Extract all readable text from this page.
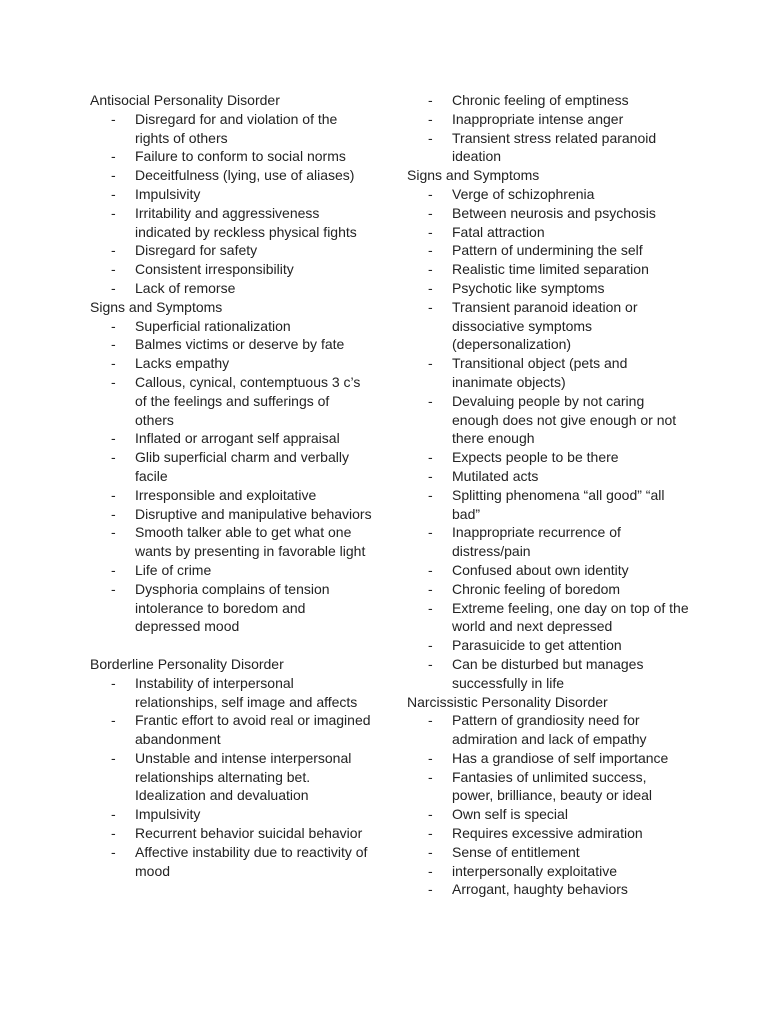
Antisocial Personality Disorder
- Disregard for and violation of the rights of others
- Failure to conform to social norms
- Deceitfulness (lying, use of aliases)
- Impulsivity
- Irritability and aggressiveness indicated by reckless physical fights
- Disregard for safety
- Consistent irresponsibility
- Lack of remorse
Signs and Symptoms
- Superficial rationalization
- Balmes victims or deserve by fate
- Lacks empathy
- Callous, cynical, contemptuous 3 c’s of the feelings and sufferings of others
- Inflated or arrogant self appraisal
- Glib superficial charm and verbally facile
- Irresponsible and exploitative
- Disruptive and manipulative behaviors
- Smooth talker able to get what one wants by presenting in favorable light
- Life of crime
- Dysphoria complains of tension intolerance to boredom and depressed mood
Borderline Personality Disorder
- Instability of interpersonal relationships, self image and affects
- Frantic effort to avoid real or imagined abandonment
- Unstable and intense interpersonal relationships alternating bet. Idealization and devaluation
- Impulsivity
- Recurrent behavior suicidal behavior
- Affective instability due to reactivity of mood
- Chronic feeling of emptiness
- Inappropriate intense anger
- Transient stress related paranoid ideation
Signs and Symptoms
- Verge of schizophrenia
- Between neurosis and psychosis
- Fatal attraction
- Pattern of undermining the self
- Realistic time limited separation
- Psychotic like symptoms
- Transient paranoid ideation or dissociative symptoms (depersonalization)
- Transitional object (pets and inanimate objects)
- Devaluing people by not caring enough does not give enough or not there enough
- Expects people to be there
- Mutilated acts
- Splitting phenomena “all good” “all bad”
- Inappropriate recurrence of distress/pain
- Confused about own identity
- Chronic feeling of boredom
- Extreme feeling, one day on top of the world and next depressed
- Parasuicide to get attention
- Can be disturbed but manages successfully in life
Narcissistic Personality Disorder
- Pattern of grandiosity need for admiration and lack of empathy
- Has a grandiose of self importance
- Fantasies of unlimited success, power, brilliance, beauty or ideal
- Own self is special
- Requires excessive admiration
- Sense of entitlement
- interpersonally exploitative
- Arrogant, haughty behaviors
